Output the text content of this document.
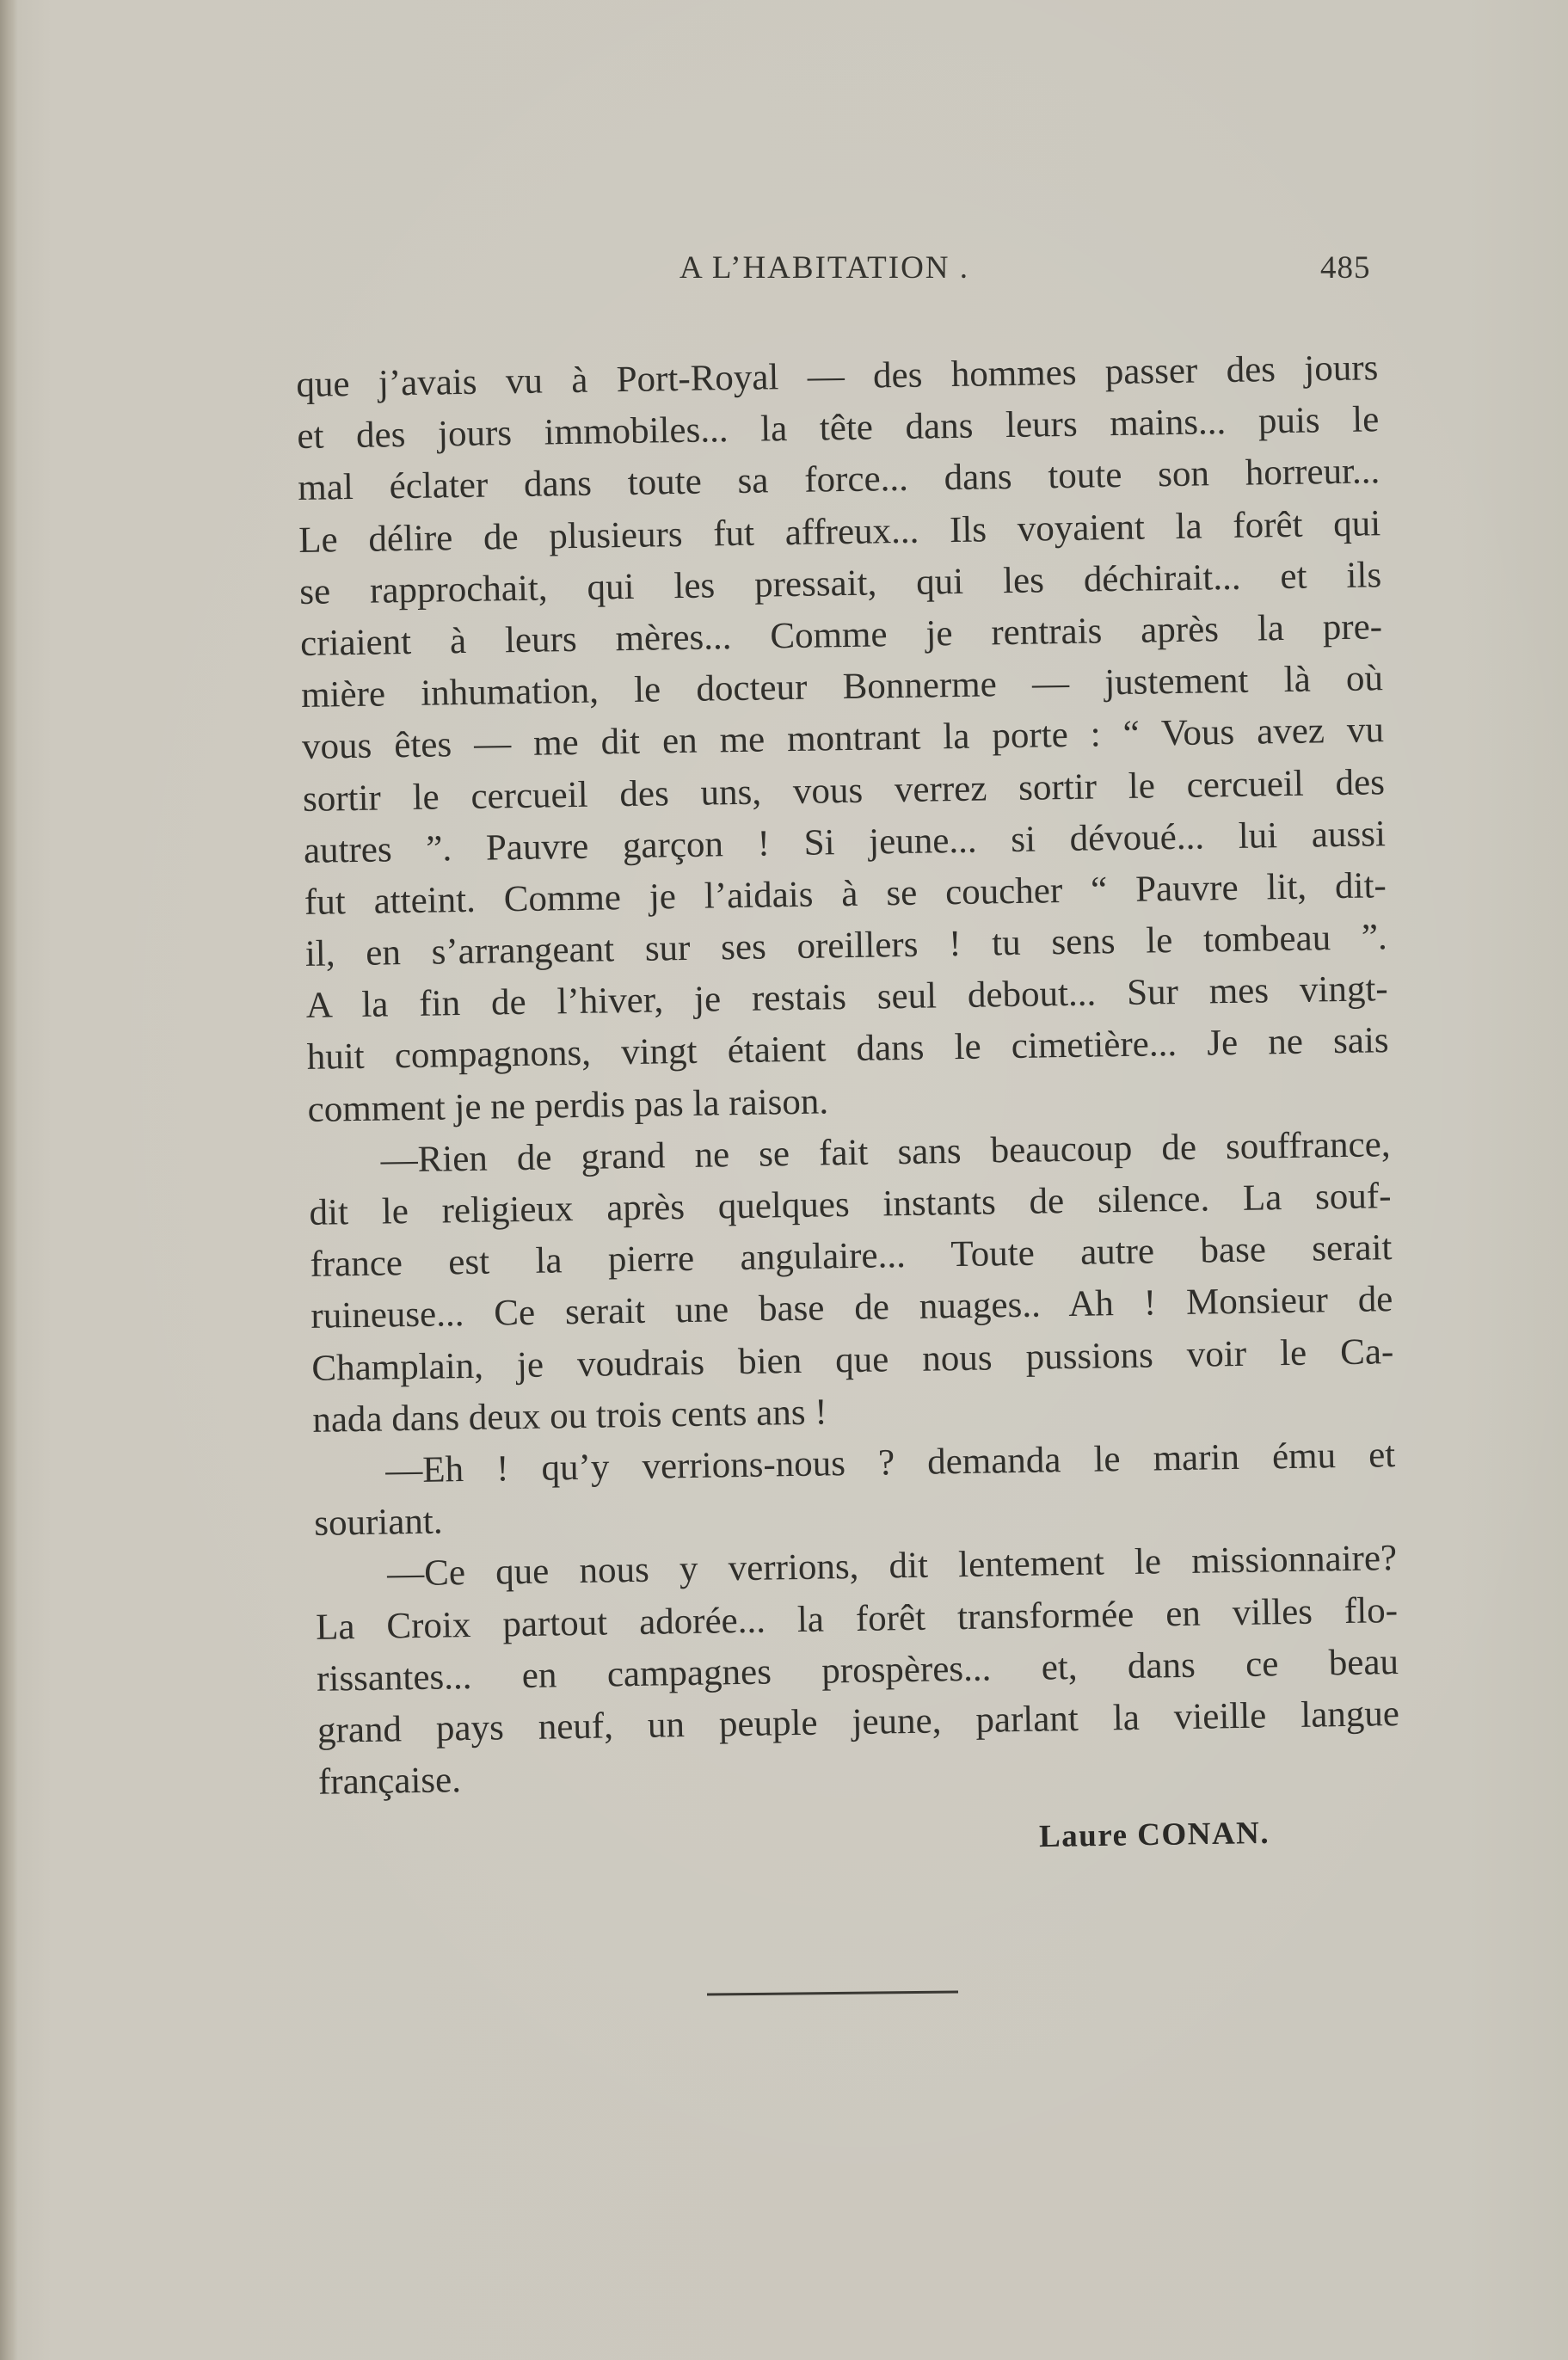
A L’HABITATION .	485
que j’avais vu à Port-Royal — des hommes passer des jours
et des jours immobiles... la tête dans leurs mains... puis le
mal éclater dans toute sa force... dans toute son horreur...
Le délire de plusieurs fut affreux... Ils voyaient la forêt qui
se rapprochait, qui les pressait, qui les déchirait... et ils
criaient à leurs mères... Comme je rentrais après la pre-
mière inhumation, le docteur Bonnerme — justement là où
vous êtes — me dit en me montrant la porte : “ Vous avez vu
sortir le cercueil des uns, vous verrez sortir le cercueil des
autres ”. Pauvre garçon ! Si jeune... si dévoué... lui aussi
fut atteint. Comme je l’aidais à se coucher “ Pauvre lit, dit-
il, en s’arrangeant sur ses oreillers ! tu sens le tombeau ”.
A la fin de l’hiver, je restais seul debout... Sur mes vingt-
huit compagnons, vingt étaient dans le cimetière... Je ne sais
comment je ne perdis pas la raison.
—Rien de grand ne se fait sans beaucoup de souffrance,
dit le religieux après quelques instants de silence. La souf-
france est la pierre angulaire... Toute autre base serait
ruineuse... Ce serait une base de nuages.. Ah ! Monsieur de
Champlain, je voudrais bien que nous pussions voir le Ca-
nada dans deux ou trois cents ans !
—Eh ! qu’y verrions-nous ? demanda le marin ému et
souriant.
—Ce que nous y verrions, dit lentement le missionnaire?
La Croix partout adorée... la forêt transformée en villes flo-
rissantes... en campagnes prospères... et, dans ce beau
grand pays neuf, un peuple jeune, parlant la vieille langue
française.
Laure CONAN.
